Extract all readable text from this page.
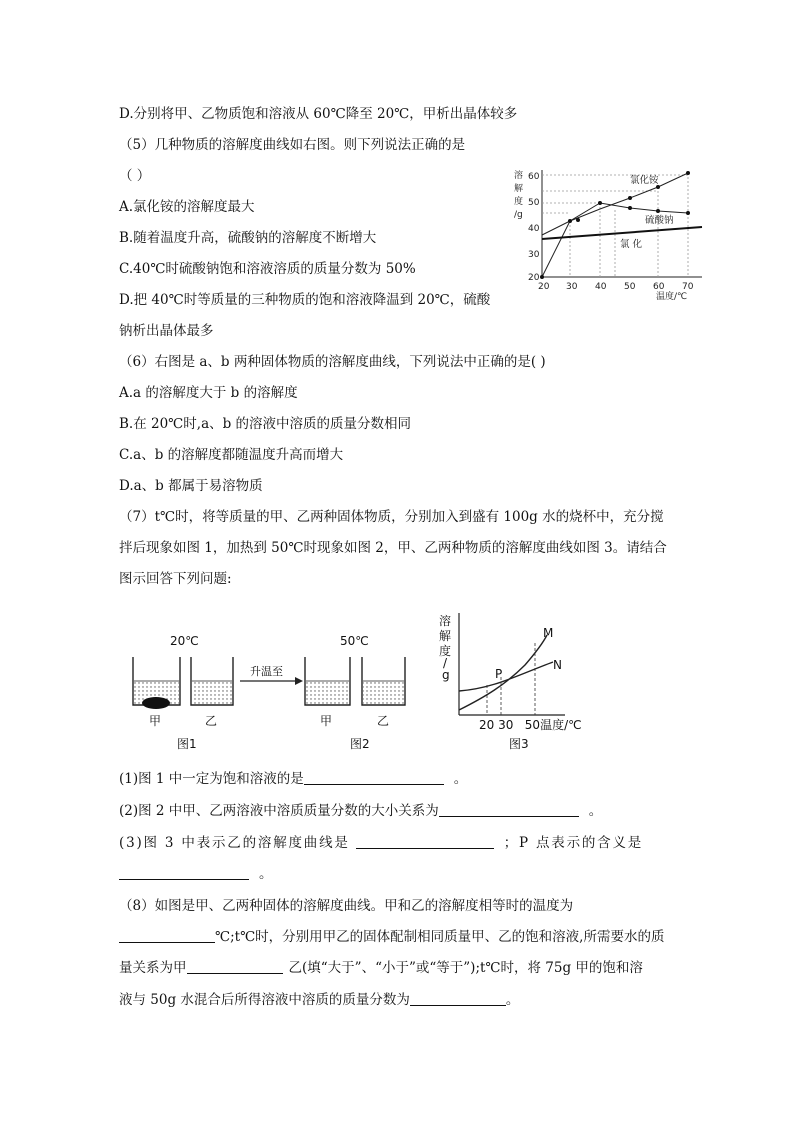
D.分别将甲、乙物质饱和溶液从 60℃降至 20℃，甲析出晶体较多
（5）几种物质的溶解度曲线如右图。则下列说法正确的是
（ ）
A.氯化铵的溶解度最大
B.随着温度升高，硫酸钠的溶解度不断增大
C.40℃时硫酸钠饱和溶液溶质的质量分数为 50%
D.把 40℃时等质量的三种物质的饱和溶液降温到 20℃，硫酸
钠析出晶体最多
溶
解
度
/g
60
50
40
30
20
20 30 40 50 60 70
温度/℃
氯化铵
硫酸钠
氯 化
（6）右图是 a、b 两种固体物质的溶解度曲线，下列说法中正确的是( )
A.a 的溶解度大于 b 的溶解度
B.在 20℃时,a、b 的溶液中溶质的质量分数相同
C.a、b 的溶解度都随温度升高而增大
D.a、b 都属于易溶物质
（7）t℃时，将等质量的甲、乙两种固体物质，分别加入到盛有 100g 水的烧杯中，充分搅
拌后现象如图 1，加热到 50℃时现象如图 2，甲、乙两种物质的溶解度曲线如图 3。请结合
图示回答下列问题:
20℃	50℃
升温至
甲	乙	甲	乙
图1	图2	图3
溶
解
度
/
g
M
N
P
20 30   50温度/℃
(1)图 1 中一定为饱和溶液的是	。
(2)图 2 中甲、乙两溶液中溶质质量分数的大小关系为	。
(3)图 3 中表示乙的溶解度曲线是	；P 点表示的含义是
。
（8）如图是甲、乙两种固体的溶解度曲线。甲和乙的溶解度相等时的温度为
℃;t℃时，分别用甲乙的固体配制相同质量甲、乙的饱和溶液,所需要水的质
量关系为甲	乙(填“大于”、“小于”或“等于”);t℃时，将 75g 甲的饱和溶
液与 50g 水混合后所得溶液中溶质的质量分数为	。
